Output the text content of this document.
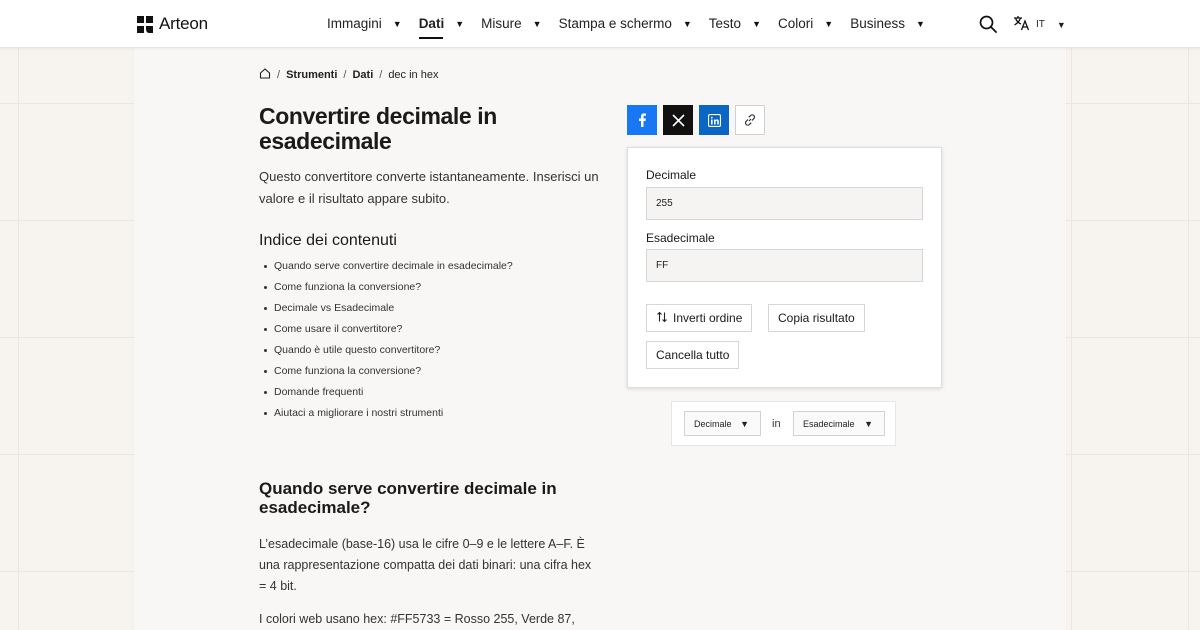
Arteon	Immagini ▼ Dati ▼ Misure ▼ Stampa e schermo ▼ Testo ▼ Colori ▼ Business ▼	IT ▼
/ Strumenti / Dati / dec in hex
Convertire decimale in esadecimale

Questo convertitore converte istantaneamente. Inserisci un valore e il risultato appare subito.

Indice dei contenuti
Quando serve convertire decimale in esadecimale?
Come funziona la conversione?
Decimale vs Esadecimale
Come usare il convertitore?
Quando è utile questo convertitore?
Come funziona la conversione?
Domande frequenti
Aiutaci a migliorare i nostri strumenti
Quando serve convertire decimale in esadecimale?

L’esadecimale (base-16) usa le cifre 0–9 e le lettere A–F. È una rappresentazione compatta dei dati binari: una cifra hex = 4 bit.

I colori web usano hex: #FF5733 = Rosso 255, Verde 87,

Decimale
255
Esadecimale
FF
Inverti ordine	Copia risultato
Cancella tutto
Decimale ▼ in Esadecimale ▼
